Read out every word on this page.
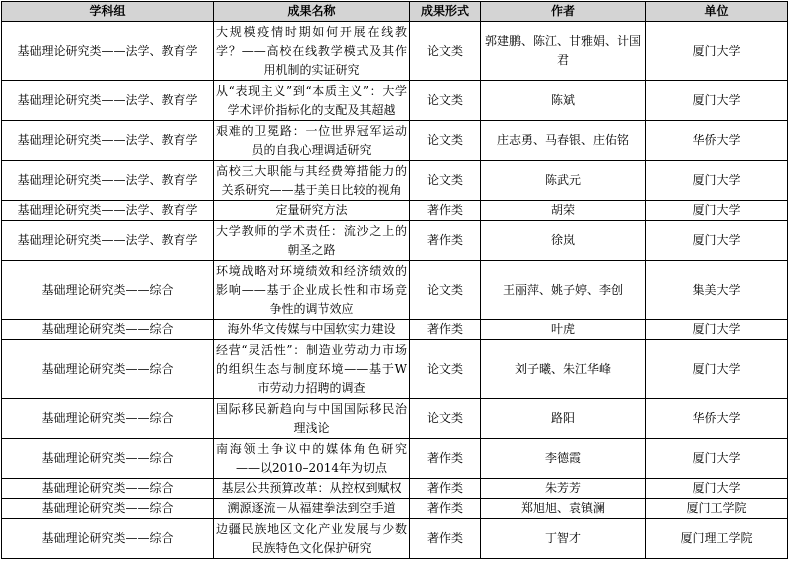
学科组	成果名称	成果形式	作者	单位
基础理论研究类——法学、教育学	大规模疫情时期如何开展在线教学？——高校在线教学模式及其作用机制的实证研究	论文类	郭建鹏、陈江、甘雅娟、计国君	厦门大学
基础理论研究类——法学、教育学	从“表现主义”到“本质主义”：大学学术评价指标化的支配及其超越	论文类	陈斌	厦门大学
基础理论研究类——法学、教育学	艰难的卫冕路：一位世界冠军运动员的自我心理调适研究	论文类	庄志勇、马春银、庄佑铭	华侨大学
基础理论研究类——法学、教育学	高校三大职能与其经费筹措能力的关系研究——基于美日比较的视角	论文类	陈武元	厦门大学
基础理论研究类——法学、教育学	定量研究方法	著作类	胡荣	厦门大学
基础理论研究类——法学、教育学	大学教师的学术责任：流沙之上的朝圣之路	著作类	徐岚	厦门大学
基础理论研究类——综合	环境战略对环境绩效和经济绩效的影响——基于企业成长性和市场竞争性的调节效应	论文类	王丽萍、姚子婷、李创	集美大学
基础理论研究类——综合	海外华文传媒与中国软实力建设	著作类	叶虎	厦门大学
基础理论研究类——综合	经营“灵活性”：制造业劳动力市场的组织生态与制度环境——基于W市劳动力招聘的调查	论文类	刘子曦、朱江华峰	厦门大学
基础理论研究类——综合	国际移民新趋向与中国国际移民治理浅论	论文类	路阳	华侨大学
基础理论研究类——综合	南海领土争议中的媒体角色研究——以2010–2014年为切点	著作类	李德霞	厦门大学
基础理论研究类——综合	基层公共预算改革：从控权到赋权	著作类	朱芳芳	厦门大学
基础理论研究类——综合	溯源逐流－从福建拳法到空手道	著作类	郑旭旭、袁镇澜	厦门工学院
基础理论研究类——综合	边疆民族地区文化产业发展与少数民族特色文化保护研究	著作类	丁智才	厦门理工学院
